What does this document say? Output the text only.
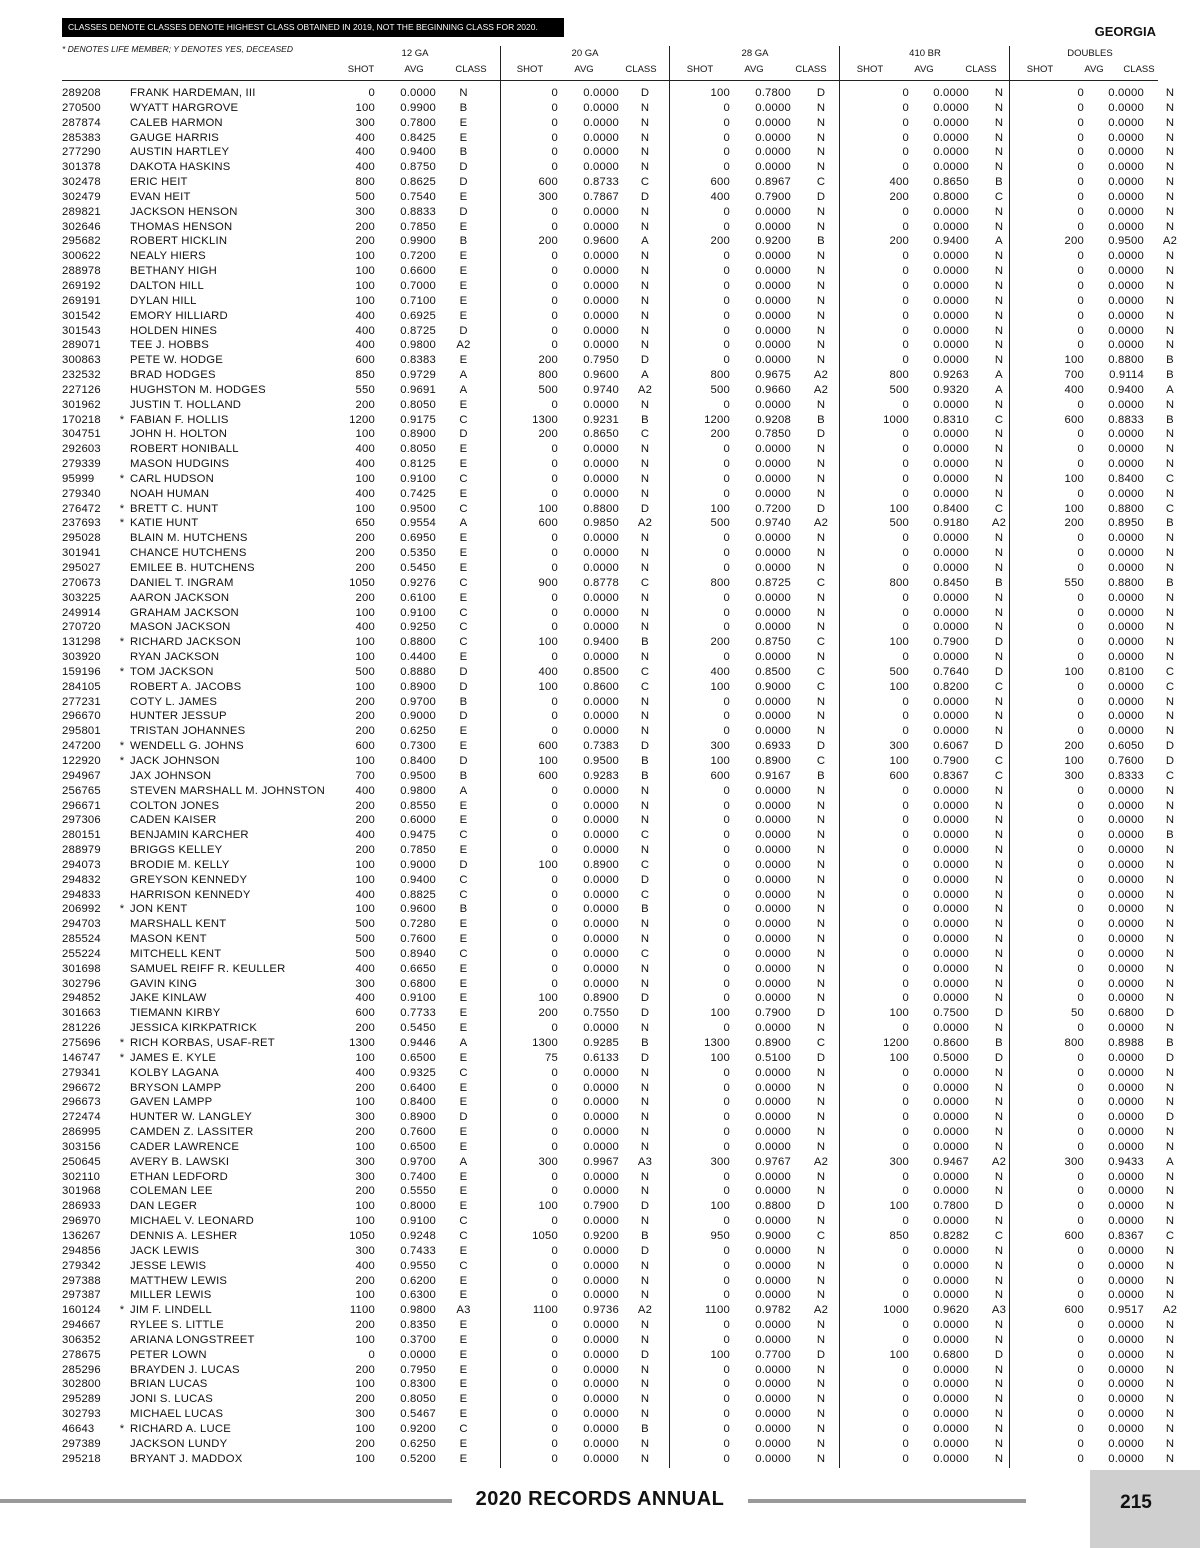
CLASSES DENOTE CLASSES DENOTE HIGHEST CLASS OBTAINED IN 2019, NOT THE BEGINNING CLASS FOR 2020.	GEORGIA
* DENOTES LIFE MEMBER; Y DENOTES YES, DECEASED	12 GA	20 GA	28 GA	410 BR	DOUBLES
SHOT	AVG	CLASS	SHOT	AVG	CLASS	SHOT	AVG	CLASS	SHOT	AVG	CLASS	SHOT	AVG	CLASS
289208		FRANK HARDEMAN, III	0	0.0000	N	0	0.0000	D	100	0.7800	D	0	0.0000	N	0	0.0000	N
270500		WYATT HARGROVE	100	0.9900	B	0	0.0000	N	0	0.0000	N	0	0.0000	N	0	0.0000	N
287874		CALEB HARMON	300	0.7800	E	0	0.0000	N	0	0.0000	N	0	0.0000	N	0	0.0000	N
285383		GAUGE HARRIS	400	0.8425	E	0	0.0000	N	0	0.0000	N	0	0.0000	N	0	0.0000	N
277290		AUSTIN HARTLEY	400	0.9400	B	0	0.0000	N	0	0.0000	N	0	0.0000	N	0	0.0000	N
301378		DAKOTA HASKINS	400	0.8750	D	0	0.0000	N	0	0.0000	N	0	0.0000	N	0	0.0000	N
302478		ERIC HEIT	800	0.8625	D	600	0.8733	C	600	0.8967	C	400	0.8650	B	0	0.0000	N
302479		EVAN HEIT	500	0.7540	E	300	0.7867	D	400	0.7900	D	200	0.8000	C	0	0.0000	N
289821		JACKSON HENSON	300	0.8833	D	0	0.0000	N	0	0.0000	N	0	0.0000	N	0	0.0000	N
302646		THOMAS HENSON	200	0.7850	E	0	0.0000	N	0	0.0000	N	0	0.0000	N	0	0.0000	N
295682		ROBERT HICKLIN	200	0.9900	B	200	0.9600	A	200	0.9200	B	200	0.9400	A	200	0.9500	A2
300622		NEALY HIERS	100	0.7200	E	0	0.0000	N	0	0.0000	N	0	0.0000	N	0	0.0000	N
288978		BETHANY HIGH	100	0.6600	E	0	0.0000	N	0	0.0000	N	0	0.0000	N	0	0.0000	N
269192		DALTON HILL	100	0.7000	E	0	0.0000	N	0	0.0000	N	0	0.0000	N	0	0.0000	N
269191		DYLAN HILL	100	0.7100	E	0	0.0000	N	0	0.0000	N	0	0.0000	N	0	0.0000	N
301542		EMORY HILLIARD	400	0.6925	E	0	0.0000	N	0	0.0000	N	0	0.0000	N	0	0.0000	N
301543		HOLDEN HINES	400	0.8725	D	0	0.0000	N	0	0.0000	N	0	0.0000	N	0	0.0000	N
289071		TEE J. HOBBS	400	0.9800	A2	0	0.0000	N	0	0.0000	N	0	0.0000	N	0	0.0000	N
300863		PETE W. HODGE	600	0.8383	E	200	0.7950	D	0	0.0000	N	0	0.0000	N	100	0.8800	B
232532		BRAD HODGES	850	0.9729	A	800	0.9600	A	800	0.9675	A2	800	0.9263	A	700	0.9114	B
227126		HUGHSTON M. HODGES	550	0.9691	A	500	0.9740	A2	500	0.9660	A2	500	0.9320	A	400	0.9400	A
301962		JUSTIN T. HOLLAND	200	0.8050	E	0	0.0000	N	0	0.0000	N	0	0.0000	N	0	0.0000	N
170218	*	FABIAN F. HOLLIS	1200	0.9175	C	1300	0.9231	B	1200	0.9208	B	1000	0.8310	C	600	0.8833	B
304751		JOHN H. HOLTON	100	0.8900	D	200	0.8650	C	200	0.7850	D	0	0.0000	N	0	0.0000	N
292603		ROBERT HONIBALL	400	0.8050	E	0	0.0000	N	0	0.0000	N	0	0.0000	N	0	0.0000	N
279339		MASON HUDGINS	400	0.8125	E	0	0.0000	N	0	0.0000	N	0	0.0000	N	0	0.0000	N
95999	*	CARL HUDSON	100	0.9100	C	0	0.0000	N	0	0.0000	N	0	0.0000	N	100	0.8400	C
279340		NOAH HUMAN	400	0.7425	E	0	0.0000	N	0	0.0000	N	0	0.0000	N	0	0.0000	N
276472	*	BRETT C. HUNT	100	0.9500	C	100	0.8800	D	100	0.7200	D	100	0.8400	C	100	0.8800	C
237693	*	KATIE HUNT	650	0.9554	A	600	0.9850	A2	500	0.9740	A2	500	0.9180	A2	200	0.8950	B
295028		BLAIN M. HUTCHENS	200	0.6950	E	0	0.0000	N	0	0.0000	N	0	0.0000	N	0	0.0000	N
301941		CHANCE HUTCHENS	200	0.5350	E	0	0.0000	N	0	0.0000	N	0	0.0000	N	0	0.0000	N
295027		EMILEE B. HUTCHENS	200	0.5450	E	0	0.0000	N	0	0.0000	N	0	0.0000	N	0	0.0000	N
270673		DANIEL T. INGRAM	1050	0.9276	C	900	0.8778	C	800	0.8725	C	800	0.8450	B	550	0.8800	B
303225		AARON JACKSON	200	0.6100	E	0	0.0000	N	0	0.0000	N	0	0.0000	N	0	0.0000	N
249914		GRAHAM JACKSON	100	0.9100	C	0	0.0000	N	0	0.0000	N	0	0.0000	N	0	0.0000	N
270720		MASON JACKSON	400	0.9250	C	0	0.0000	N	0	0.0000	N	0	0.0000	N	0	0.0000	N
131298	*	RICHARD JACKSON	100	0.8800	C	100	0.9400	B	200	0.8750	C	100	0.7900	D	0	0.0000	N
303920		RYAN JACKSON	100	0.4400	E	0	0.0000	N	0	0.0000	N	0	0.0000	N	0	0.0000	N
159196	*	TOM JACKSON	500	0.8880	D	400	0.8500	C	400	0.8500	C	500	0.7640	D	100	0.8100	C
284105		ROBERT A. JACOBS	100	0.8900	D	100	0.8600	C	100	0.9000	C	100	0.8200	C	0	0.0000	C
277231		COTY L. JAMES	200	0.9700	B	0	0.0000	N	0	0.0000	N	0	0.0000	N	0	0.0000	N
296670		HUNTER JESSUP	200	0.9000	D	0	0.0000	N	0	0.0000	N	0	0.0000	N	0	0.0000	N
295801		TRISTAN JOHANNES	200	0.6250	E	0	0.0000	N	0	0.0000	N	0	0.0000	N	0	0.0000	N
247200	*	WENDELL G. JOHNS	600	0.7300	E	600	0.7383	D	300	0.6933	D	300	0.6067	D	200	0.6050	D
122920	*	JACK JOHNSON	100	0.8400	D	100	0.9500	B	100	0.8900	C	100	0.7900	C	100	0.7600	D
294967		JAX JOHNSON	700	0.9500	B	600	0.9283	B	600	0.9167	B	600	0.8367	C	300	0.8333	C
256765		STEVEN MARSHALL M. JOHNSTON	400	0.9800	A	0	0.0000	N	0	0.0000	N	0	0.0000	N	0	0.0000	N
296671		COLTON JONES	200	0.8550	E	0	0.0000	N	0	0.0000	N	0	0.0000	N	0	0.0000	N
297306		CADEN KAISER	200	0.6000	E	0	0.0000	N	0	0.0000	N	0	0.0000	N	0	0.0000	N
280151		BENJAMIN KARCHER	400	0.9475	C	0	0.0000	C	0	0.0000	N	0	0.0000	N	0	0.0000	B
288979		BRIGGS KELLEY	200	0.7850	E	0	0.0000	N	0	0.0000	N	0	0.0000	N	0	0.0000	N
294073		BRODIE M. KELLY	100	0.9000	D	100	0.8900	C	0	0.0000	N	0	0.0000	N	0	0.0000	N
294832		GREYSON KENNEDY	100	0.9400	C	0	0.0000	D	0	0.0000	N	0	0.0000	N	0	0.0000	N
294833		HARRISON KENNEDY	400	0.8825	C	0	0.0000	C	0	0.0000	N	0	0.0000	N	0	0.0000	N
206992	*	JON KENT	100	0.9600	B	0	0.0000	B	0	0.0000	N	0	0.0000	N	0	0.0000	N
294703		MARSHALL KENT	500	0.7280	E	0	0.0000	N	0	0.0000	N	0	0.0000	N	0	0.0000	N
285524		MASON KENT	500	0.7600	E	0	0.0000	N	0	0.0000	N	0	0.0000	N	0	0.0000	N
255224		MITCHELL KENT	500	0.8940	C	0	0.0000	C	0	0.0000	N	0	0.0000	N	0	0.0000	N
301698		SAMUEL REIFF R. KEULLER	400	0.6650	E	0	0.0000	N	0	0.0000	N	0	0.0000	N	0	0.0000	N
302796		GAVIN KING	300	0.6800	E	0	0.0000	N	0	0.0000	N	0	0.0000	N	0	0.0000	N
294852		JAKE KINLAW	400	0.9100	E	100	0.8900	D	0	0.0000	N	0	0.0000	N	0	0.0000	N
301663		TIEMANN KIRBY	600	0.7733	E	200	0.7550	D	100	0.7900	D	100	0.7500	D	50	0.6800	D
281226		JESSICA KIRKPATRICK	200	0.5450	E	0	0.0000	N	0	0.0000	N	0	0.0000	N	0	0.0000	N
275696	*	RICH KORBAS, USAF-RET	1300	0.9446	A	1300	0.9285	B	1300	0.8900	C	1200	0.8600	B	800	0.8988	B
146747	*	JAMES E. KYLE	100	0.6500	E	75	0.6133	D	100	0.5100	D	100	0.5000	D	0	0.0000	D
279341		KOLBY LAGANA	400	0.9325	C	0	0.0000	N	0	0.0000	N	0	0.0000	N	0	0.0000	N
296672		BRYSON LAMPP	200	0.6400	E	0	0.0000	N	0	0.0000	N	0	0.0000	N	0	0.0000	N
296673		GAVEN LAMPP	100	0.8400	E	0	0.0000	N	0	0.0000	N	0	0.0000	N	0	0.0000	N
272474		HUNTER W. LANGLEY	300	0.8900	D	0	0.0000	N	0	0.0000	N	0	0.0000	N	0	0.0000	D
286995		CAMDEN Z. LASSITER	200	0.7600	E	0	0.0000	N	0	0.0000	N	0	0.0000	N	0	0.0000	N
303156		CADER LAWRENCE	100	0.6500	E	0	0.0000	N	0	0.0000	N	0	0.0000	N	0	0.0000	N
250645		AVERY B. LAWSKI	300	0.9700	A	300	0.9967	A3	300	0.9767	A2	300	0.9467	A2	300	0.9433	A
302110		ETHAN LEDFORD	300	0.7400	E	0	0.0000	N	0	0.0000	N	0	0.0000	N	0	0.0000	N
301968		COLEMAN LEE	200	0.5550	E	0	0.0000	N	0	0.0000	N	0	0.0000	N	0	0.0000	N
286933		DAN LEGER	100	0.8000	E	100	0.7900	D	100	0.8800	D	100	0.7800	D	0	0.0000	N
296970		MICHAEL V. LEONARD	100	0.9100	C	0	0.0000	N	0	0.0000	N	0	0.0000	N	0	0.0000	N
136267		DENNIS A. LESHER	1050	0.9248	C	1050	0.9200	B	950	0.9000	C	850	0.8282	C	600	0.8367	C
294856		JACK LEWIS	300	0.7433	E	0	0.0000	D	0	0.0000	N	0	0.0000	N	0	0.0000	N
279342		JESSE LEWIS	400	0.9550	C	0	0.0000	N	0	0.0000	N	0	0.0000	N	0	0.0000	N
297388		MATTHEW LEWIS	200	0.6200	E	0	0.0000	N	0	0.0000	N	0	0.0000	N	0	0.0000	N
297387		MILLER LEWIS	100	0.6300	E	0	0.0000	N	0	0.0000	N	0	0.0000	N	0	0.0000	N
160124	*	JIM F. LINDELL	1100	0.9800	A3	1100	0.9736	A2	1100	0.9782	A2	1000	0.9620	A3	600	0.9517	A2
294667		RYLEE S. LITTLE	200	0.8350	E	0	0.0000	N	0	0.0000	N	0	0.0000	N	0	0.0000	N
306352		ARIANA LONGSTREET	100	0.3700	E	0	0.0000	N	0	0.0000	N	0	0.0000	N	0	0.0000	N
278675		PETER LOWN	0	0.0000	E	0	0.0000	D	100	0.7700	D	100	0.6800	D	0	0.0000	N
285296		BRAYDEN J. LUCAS	200	0.7950	E	0	0.0000	N	0	0.0000	N	0	0.0000	N	0	0.0000	N
302800		BRIAN LUCAS	100	0.8300	E	0	0.0000	N	0	0.0000	N	0	0.0000	N	0	0.0000	N
295289		JONI S. LUCAS	200	0.8050	E	0	0.0000	N	0	0.0000	N	0	0.0000	N	0	0.0000	N
302793		MICHAEL LUCAS	300	0.5467	E	0	0.0000	N	0	0.0000	N	0	0.0000	N	0	0.0000	N
46643	*	RICHARD A. LUCE	100	0.9200	C	0	0.0000	B	0	0.0000	N	0	0.0000	N	0	0.0000	N
297389		JACKSON LUNDY	200	0.6250	E	0	0.0000	N	0	0.0000	N	0	0.0000	N	0	0.0000	N
295218		BRYANT J. MADDOX	100	0.5200	E	0	0.0000	N	0	0.0000	N	0	0.0000	N	0	0.0000	N
2020 RECORDS ANNUAL	215
